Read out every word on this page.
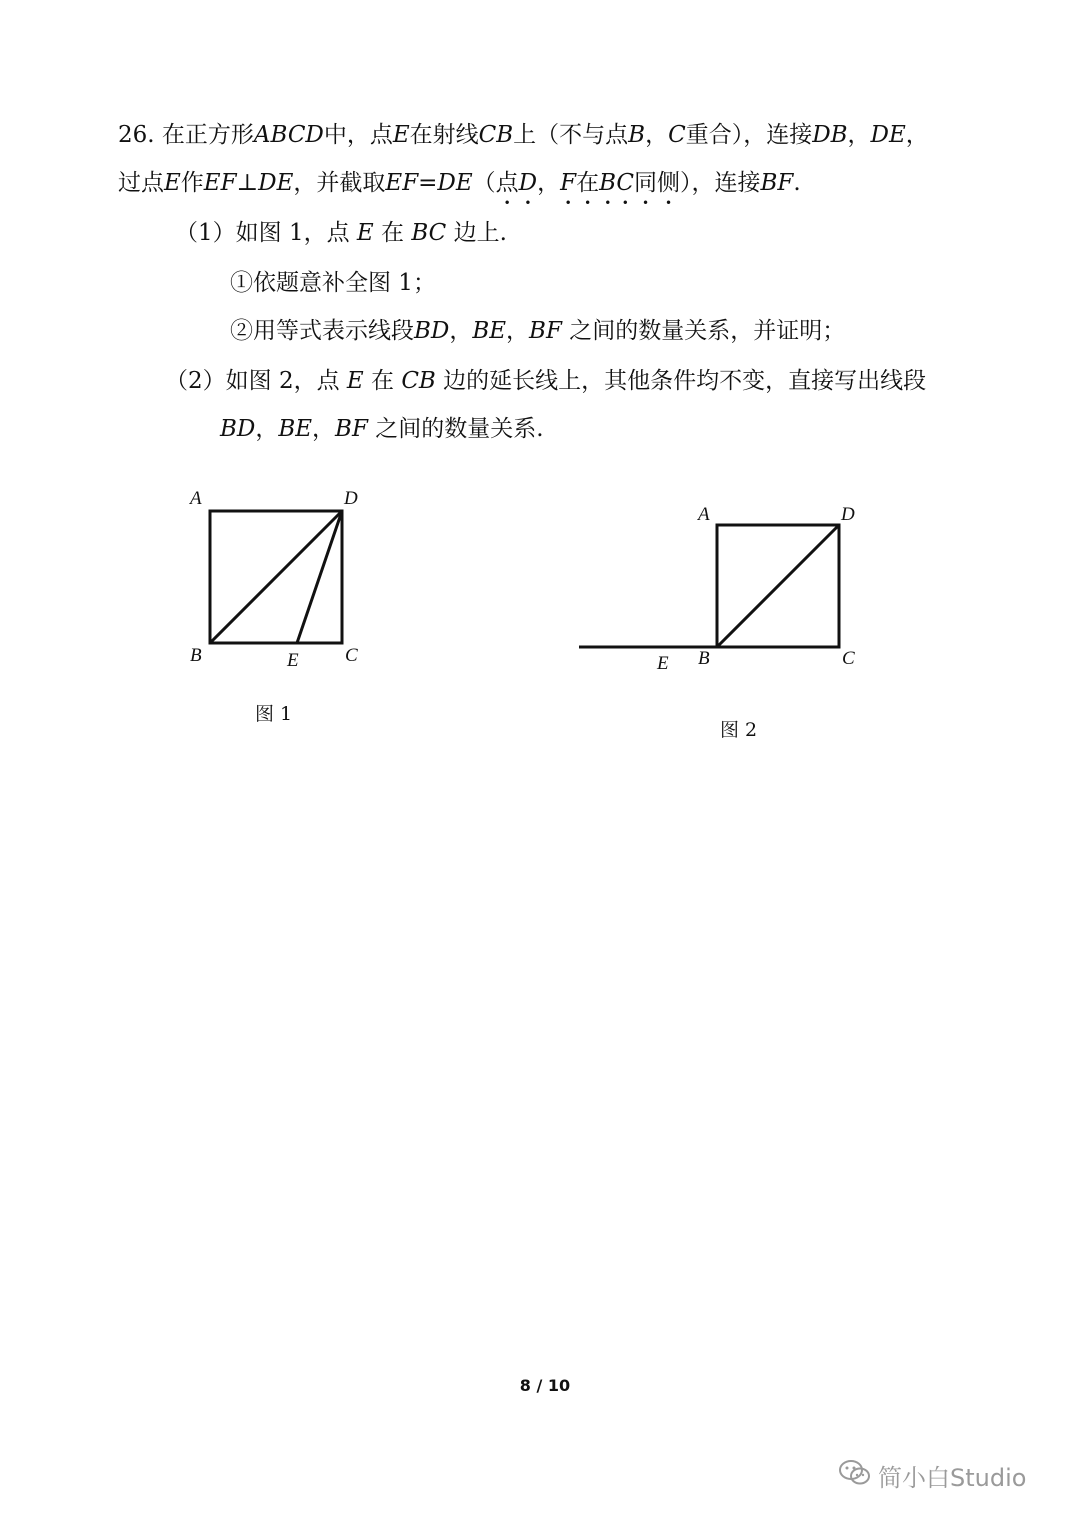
26. 在正方形ABCD中，点E在射线CB上（不与点B，C重合），连接DB，DE，
过点E作EF⊥DE，并截取EF=DE（点D，F在BC同侧），连接BF.
（1）如图 1，点 E 在 BC 边上.
①依题意补全图 1；
②用等式表示线段BD，BE，BF 之间的数量关系，并证明；
（2）如图 2，点 E 在 CB 边的延长线上，其他条件均不变，直接写出线段
BD，BE，BF 之间的数量关系.
A	D
B	E C
图 1
A	D
E B	C
图 2
8 / 10
简小白Studio
